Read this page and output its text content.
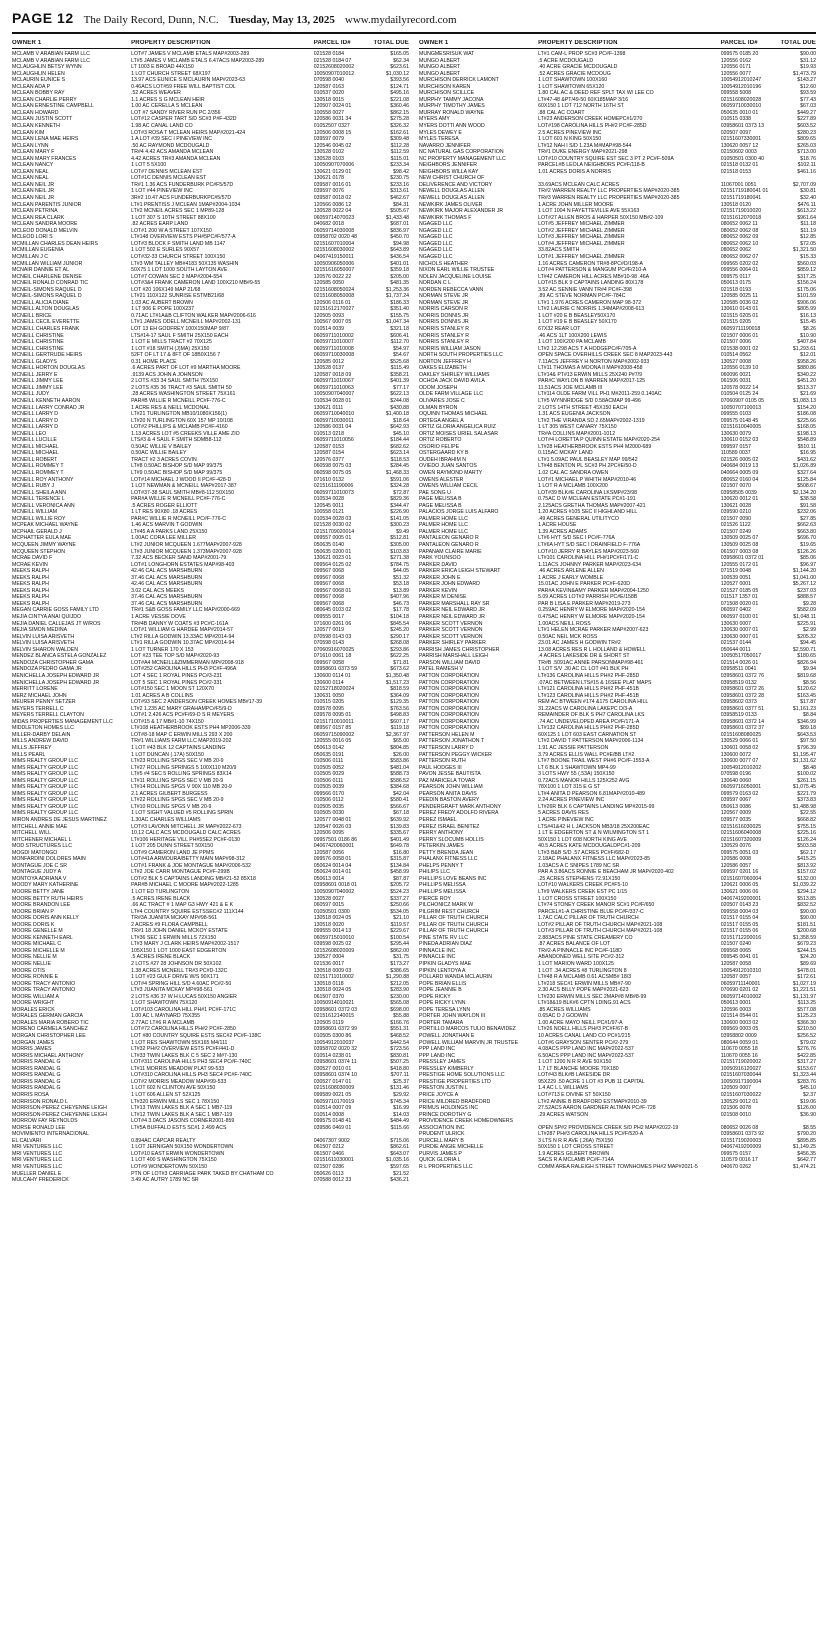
PAGE 12 The Daily Record, Dunn, N.C. Tuesday, May 13, 2025 www.mydailyrecord.com
OWNER 1	PROPERTY DESCRIPTION	PARCEL ID#	TOTAL DUE
MCLAMB V ARABIAN FARM LLC	LOT#7 JAMES V MCLAMB ETALS MAP#2003-289	021528 0184	$165.05
MCLAMB V ARABIAN FARM LLC	LT#5 JAMES V MCLAMB ETALS 6.47ACS MAP2003-289	021528 0184 07	$62.34
MCLAUGHLIN BETSY WYNN	LT 1003 E BROAD 44X150	02152608020002	$623.61
MCLAUGHLIN HELEN	1 LOT CHURCH STREET 68X197	10050907010012	$1,030.12
MCLAURIN EUNICE S	13.97 ACS EUNICE S MCLAURIN MAP#2023-63	070598 0040	$393.56
MCLEAN ADA P	0.46ACS LOT#59 FREE WILL BAPTIST COL	120587 0163	$124.71
MCLEAN BOBBY RAY	.52 ACRES WEAVER	010537 0020	$495.16
MCLEAN CHARLIE PERRY	1.1 ACRES S G MCLEAN HEIR	130518 0015	$221.08
MCLEAN ERNESTINE CAMPBELL	1.00 AC CERELLA S MCLEAN	120507 0024 01	$360.46
MCLEAN HOWARD	LOT #7 SANDY RIVER RUN PC 2/356	100558 0027	$862.15
MCLEAN JUSTIN SCOTT	LOT#12 CASPER TART S/D SC#3 P#F-432D	120586 0031 34	$275.28
MCLEAN KENNETH	1.98 AC CANAL LAND CO	01052507 0327	$326.32
MCLEAN KIM	LOT#3 ROSA T MCLEAN HEIRS MAP#2021-424	120506 0008 15	$162.61
MCLEAN LENA MAE HEIRS	1 A LOT #39 SEC I PINEVIEW INC	039597 0079	$309.48
MCLEAN LYNN	.50 AC RAYMOND MCDOUGALD	120546 0045 02	$112.28
MCLEAN MARY F	TR#4 4.42 ACS AMANDA MCLEAN	130528 0102	$112.59
MCLEAN MARY FRANCES	4.42 ACRES TR#3 AMANDA MCLEAN	130528 0103	$115.01
MCLEAN NANCY	1 LOT 5 5X100	10050907070006	$233.34
MCLEAN NEAL	LOT#7 DENNIS MCLEAN EST	130621 0129 01	$98.42
MCLEAN NEAL	LOT#1C DENNIS MCLEAN EST	130621 0178	$230.75
MCLEAN NEIL JR	TR#1 1.36 ACS FUNDERBURK PC#F5/57D	039587 0016 01	$233.16
MCLEAN NEIL JR	1 LOT #44 PINEVIEW INC	039597 0076	$313.61
MCLEAN NEIL JR	3R#2 10.47 ACS FUNDERBURKPC#5/57D	039587 0018 02	$462.67
MCLEAN PARENTIS JUNIOR	LT#1 PRENTISS J MCLEAN 1MAP#2004-1034	120566 0086 12	$84.31
MCLEAN PETRINA	LT#2 MCNEIL ACRES SEC 1 MP89-128	130528 0022 04	$505.67
MCLEAN REA CLARK	1 LOT 307 S 10TH STREET 88X100	06059714070023	$1,433.48
MCLEAN SANDRA MOORE	.82 ACRES EARP LAND	040682 0018	$687.01
MCLEOD DONALD MELVIN	LOT#1 200 W A STREET 107X150	06059714030008	$836.97
MCLEOD LORI S	LT#148 OVERVIEW ESTS PH#5PC#F/577-A	03958702 0020 48	$450.70
MCMILLAN CHARLES DEAN HEIRS	LOT#3 BLOCK F SMITH LAND MB 1147	02151607010004	$94.98
MCMILLAN EUGENIA	1 LOT 502 E SURLES 90X57	02151608030002	$643.89
MCMILLAN J C	LOT#32-33 CHURCH STREET 100X150	04067419150011	$436.54
MCMILLAN WILLIAM JUNIOR	LT#3 WM TALLEY MB#4183 50X135 WASHIN	10050906050006	$401.01
MCNAIR DANNIE ET AL	50X75 1 LOT 1000 SOUTH LAYTON AVE	02151616050007	$359.18
MCNEIL CHARLENE DENISE	LOT#7 COWAN SEC 2 MAP#2004-554	120576 0022 22	$205.00
MCNEIL RONALD CONRAD TIC	LOT#3&4 FRANK CAMERON LAND 100X210 MB#9-55	120585 0050	$481.35
MCNEIL-SIMONS RAQUEL D	LOT #20 106X149 MAP 21/68	02151608050024	$1,253.36
MCNEIL-SIMONS RAQUEL D	LT#21 110X122 SUNRISE ESTMB21/68	02151608050008	$1,737.24
MCNEILL ALICIA DIANE	1.03 AC AUBERT BROWN	120506 0116 01	$186.33
MCNEILL ALTON DOUGLAS	1 LT 906 E POPE 100X237	02151612170027	$351.40
MCNEILL BRICE	0.71AC LT#1A&B CLIFTON WALKER MAP#2006-616	120505 0093	$155.75
MCNEILL CECIL EVERETTE	LT#1 JAMES ODELL MCNEILL MAP#2002-131	100567 0007 05	$1,047.34
MCNEILL CHARLES FRANK	LOT 13 EH GODFREY 100X150MAP 9/87	010514 0039	$321.18
MCNEILL CHRISTINE	LTS#14-17 SAUL F SMITH 25X150 EACH	06059711010002	$606.41
MCNEILL CHRISTINE	1 LOT E MILLS TRACT #2 70X125	06059711010007	$112.70
MCNEILL CHRISTINE	1 LOT #18 SMITH (J)MA) 25X150	06059711010008	$54.97
MCNEILL GERTRUDE HEIRS	52FT OF LT 17 & 8FT OF 18B0X156 7	06059710030008	$54.67
MCNEILL GLADYS	0.31 HOME PLACE	120585 0012	$525.68
MCNEILL HORTON DOUGLAS	.6 ACRES PART OF LOT #9 MARTHA MOORE	130528 0137	$115.49
MCNEILL JERRY E	.9139 ACS JOHN A JOHNSON	120587 0018 09	$358.21
MCNEILL JIMMY LEE	2 LOTS #33 34 SAUL SMITH 75X150	06059711010067	$401.39
MCNEILL JIMMY LEE	2 LOTS #35 36 TRACT #3 SAUL SMITH 50	06059711010063	$77.17
MCNEILL JUDY	.28 ACRES WASHINGTON STREET 75X161	10050907040007	$622.13
MCNEILL KENNETH AARON	PAR#B WILLIE R MCNEILL PC#F-776-C	010534 0028 01	$244.08
MCNEILL LARRY CONRAD JR	1 ACRE RES & NEILL MCDONAL	130621 0111	$430.88
MCNEILL LARRY D	LT#21 TURLINGTON MB10/1080X156(1)	06059710040010	$1,400.18
MCNEILL LARRY D	LT#20 N TURLINGTON 60X 157 MP 10/108	06059710030011	$18.64
MCNEILL LARRY D	LOT#2 PHILLIPS & MCLAMB PC#F-4160	120586 0031 04	$642.93
MCNEILL LEO	1.13 ACRES LOT #5 CREEKS VILLE AME ZIO	010513 0218	$45.10
MCNEILL LUCILLE	LTS#3 & 4 SAUL F SMITH SDMB8-112	06059711010056	$184.44
MCNEILL MICHAEL	0.50AC WILLIE V BAILEY	120587 0153	$682.62
MCNEILL MICHAEL	0.50AC WILLIE BAILEY	120587 0154	$623.14
MCNEILL ROBERT	TRACT #2 3 ACRES COVIN	120576 0377	$118.53
MCNEILL ROMMEY T	LT#8 0.50AC BISHOP S/D MAP 99/375	060598 0075 03	$284.45
MCNEILL ROMMEY T	LT#9 0.50AC BISHOP S/D MAP 99/375	060598 0075 05	$1,468.33
MCNEILL ROY ANTHONY	LOT#14 MICHAEL J WOOD II PC#F-428-D	071610 0132	$591.06
MCNEILL RUBY J	1 LOT NEWMAN & MCNEILL MAP#2017-387	02151611190006	$324.28
MCNEILL SHEILA ANN	LOT#37-38 SAUL SMITH MB#8-112 50X150	06059711010073	$72.87
MCNEILL TERENCE L	PAR#A WILLIE R MCNEILL PC#F-776-C	010534 0028	$829.36
MCNEILL VERONICA ANN	.5 ACRES ROGER ELLIOTT	120545 0011	$344.47
MCNEILL WILLIAM	1 LT RES 90X80 .18 ACRES	100558 0121	$226.90
MCNEILL WILLIE ROY	PAR#C WILLIE R MCNEILL PC#F-776-C	010534 0028 03	$141.05
MCPEAK MICHAEL WAYNE	1.46 ACS MARVIN T GODWIN	021528 0030 02	$300.23
MCPHAIL GERALD J	LT#45 A A PARKS LAND 25X150	02151709020014	$9.49
MCPHATTER EULA MAE	1.00AC CORA LEE MILLER	099557 0005 01	$512.81
MCQUEEN JIMMY WAYNE	LT#2 JUNIOR MCQUEEN 1.677MAP#2007-928	050635 0140	$305.00
MCQUEEN STEPHON	LT#3 JUNIOR MCQUEEN 1.373MAP#2007-928	050635 0200 01	$103.83
MCRAE DAVID F	7.32 ACS BECKER SAND MAP#2001-79	130621 0023 01	$271.38
MCRAE KEVIN	LOT#1 LONGHORN ESTATES MAP#98-403	099564 0125 02	$784.75
MEEKS RALPH	42.46 CAL ACS MARSHBURN	099567 0068	$44.05
MEEKS RALPH	37.46 CAL ACS MARSHBURN	099567 0068	$51.32
MEEKS RALPH	42.46 CAL ACS MARSHBURN	099567 0068	$53.18
MEEKS RALPH	3.02 CAL ACS MEEKS	099567 0068 01	$13.89
MEEKS RALPH	37.46 CAL ACS MARSHBURN	099567 0068	$407.96
MEEKS RALPH	37.46 CAL ACS MARSHBURN	099567 0068	$46.73
MEGAN CARRIE GOSS FAMILY LTD	TR#1 S&B GOSS FAMILY LLC MAP#2000-669	080645 0103 02	$17.78
MEJIA CINTYA ANAI QUIJDO	1 ACRE VESSIE DOVE	099555 0017	$104.18
MEJIA DANIEL CALLEJAS JT W/ROS	TR#4B DANNY W COATS #3 PC#C-161A	071600 0261 06	$845.54
MEJIA SIMON MEDINA	LOT#1 WILLIAM G HARDEE MAP#2014-57	120577 0019	$245.20
MELVIN LUISA ARISVETH	LT#2 RILLA GODWIN 13.33AC MP#2014-94	070598 0143 03	$290.17
MELVIN LUISA ARISVETH	LT#1 RILLA GODWIN 10.37AC MP#2014-94	070598 0143	$268.08
MELVIN SHARON WALDEN	1 LOT TURNER 170 X 153	07060916070025	$293.86
MENDEZ BLANCA ESTELA GONZALEZ	LOT #23 TEE TOP S/D MAP#2020-93	071610 0061 18	$622.25
MENDOZA CHRISTOPHER GAMA	LOT#A4 MCNEILL&ZIMMERMAN MP#2008-918	099567 0058	$71.81
MENDOZA PEDRO GAMA JR	LOT#252 CAROLINA HILLS PH3 PC#F-496A	03958601 0373 59	$673.62
MENICHELLA JOSEPH EDWARD JR	LOT 4 SEC 1 ROYAL PINES PC#3-231	130600 0114 01	$1,350.48
MENICHELLA JOSEPH EDWARD JR	LOT 5 SEC 1 ROYAL PINES PC#2-331	130600 0114	$1,517.23
MERRITT LORENE	LOT#150 SEC 1 MOON ST 120X70	02152718020024	$818.59
MERZ MICHAEL JOHN	1.01 ACRES A B COLLINS	130631 0050	$364.09
MEURER PENNY SETZER	LOT#93 SEC 2 ANDERSON CREEK HOMES MB#17-39	010515 0205	$129.35
MEYERS TERRELL C	LT#2 1.235 AC MARY GRAHAMPC#F5/9-D	039578 0095	$763.56
MEYERS TERRELL CLAYTON	LOT#1 2.426 ACS PC#F/69-D S R MEYERS	039578 0095 01	$498.83
MIDAS PROPERTIES MANAGEMENT LLC	LOT#15 & 17 MB#1-10 74X150	02151710010011	$607.17
MIDDLETON HOMES LLC	LT#108 HEATHERBROOK ESTS PH4 MP2006-339	089567 0157 85	$119.18
MILLER-DARBY DELAIN	LOT#8-18 MAP C ERWIN MILLS 293 X 200	06059715090002	$2,367.97
MILLS ANDREW DAVID	TR#1 WILLIAMS FARM LLC MAP2019-202	120555 0016 05	$65.00
MILLS JEFFREY	1 LOT #43 BLK 12 CAPTAINS LANDING	050613 0142	$804.85
MILLS PEARL	1 LOT DUNCAN (.17A) 50X150	050635 0191	$26.00
MIMS REALTY GROUP LLC	LT#23 ROLLING SPGS SEC V MB 20-9	010506 0111	$583.86
MIMS REALTY GROUP LLC	LT#27 ROLLING SPRINGS 5 100X110 M20/9	010505 0052	$481.04
MIMS REALTY GROUP LLC	LT#5 #4 SEC 5 ROLLING SPRINGS 83X14	010505 0029	$588.73
MIMS REALTY GROUP LLC	LT#11 ROLLING SPGS SEC V MB 20-9	010506 0111	$586.52
MIMS REALTY GROUP LLC	LT#14 ROLLING SPGS V 90X 110 MB 20-9	010505 0039	$384.68
MIMS REALTY GROUP LLC	2.1 ACRES GILBERT BURGESS	099566 0170	$42.04
MIMS REALTY GROUP LLC	LT#22 ROLLING SPGS SEC V MB 20-9	010506 0112	$580.41
MIMS REALTY GROUP LLC	LT#10 ROLLING SPGS V MB 20-9	010505 0035	$566.67
MIMS REALTY GROUP LLC	1 LOT SIGHT VALUED #5 ROLLING SPRIN	010505 0030	$67.18
MIRON ANDRES DE JESUS MARTINEZ	1.30AC CHARLES WILLIAMS	120577 0048 01	$639.92
MITCHELL ANNIE MAE	LOT#3 LAVONN MITCHELL JR MAP#2022-673	120547 0026 03	$139.83
MITCHELL WILL	10.12 CALC ACS MCDOUGALD CALC ACRES	120506 0095	$335.67
MITCHENER MICHAEL L	LT#106 HERITAGE VILL PH#5SE2 PC#F-0130	09957501 0186 86	$401.49
MOD STRUCTURES LLC	1 LOT 205 DUNN STREET 50X150	04067420060001	$649.78
MOGDI MATONGO	LOT#9 CAMERON LAND JE PPMS	120587 0056	$16.80
MONFARDINI DOLORES MAIN	LOT#41A ARMOURA/BETTY MAIN MAP#98-312	099576 0058 01	$315.87
MONTAGUE JOE C SR	LOT#1 FRANK & JOE MONTAGUE MAP#2006-532	050624 0014 04	$134.84
MONTAGUE JUDY A	LT#2 JOE CARR MONTAGUE PC#F-299B	050624 0014 01	$458.99
MONTOYA ADRIANA V	LOT#2 BLK 5 CAPTAINS LANDING MB#21-52 85X18	050613 0014	$87.87
MOODY MARY KATHERINE	PAR#B MICHAEL C MOORE MAP#2022-1285	03958601 0018 01	$205.72
MOORE BETTY JANE	1 LOT ED TURLINGTON	10050907040002	$524.23
MOORE BETTY RUTH HEIRS	.5 ACRES IRENE BLACK	130528 0027	$337.27
MOORE BRANDON LEE	.66 AC TRACT # 1 MAP G3 HWY 421 & E K	060597 0015	$250.66
MOORE BRIAN P	LT#4 COUNTRY SQUIRE ESTSSEC#2 111X144	01050501 0300	$534.05
MOORE DORIS ANN KELLY	TR#3A JUANITA MCKAY MP#98-561	130518 0024 05	$21.10
MOORE DORIS K	2 ACRES #9 FLORA CAMPBELL	130518 0020	$119.57
MOORE GENELLE M	TR#1 18 JOHN DANIEL MCKOY ESTATE	099555 0014 13	$229.67
MOORE KENNETH EARL	LT#36 SEC 1 ERWIN MILLS 72X150	06059715010010	$100.54
MOORE MICHAEL C	LT#3 MARY J CLARK HEIRS MAP#2002-1517	039598 0025 02	$295.44
MOORE MICHELLE M	105X150 1 LOT 1000 EAST EDGERTON	02152608020009	$862.00
MOORE NELLIE M	.5 ACRES IRENE BLACK	130527 0004	$31.75
MOORE NELLIE	2 LOTS #27 28 JOHNSON DR 50X102	021536 0017	$173.27
MOORE OTIS	1.38 ACRES MCNEILL TR#3 PC#D-132C	130518 0009 03	$386.65
MOORE RONNIE E	1 LOT #23 GULF DRIVE W/S 90X171	02151711010002	$1,290.88
MOORE TRACY ANTONIO	LOT#4 SPRING HILL S/D 4.60AC PC#2-50	130518 0118	$212.05
MOORE TRACY ANTONIO	LT#3 JUANITA MCKAY MP#98-561	130518 0024 05	$283.90
MOORE WILLIAM A	2 LOTS #36 37 W H LUCAS 50X150 ANGIER	061507 0370	$230.00
MOORE WRIGHT	1 LOT SHAWTOWN 75X120	10050914010021	$565.08
MORALES ERICK	LOT#103 CAROLINA HILL PH#1 PC#F-171C	03958601 0372 03	$698.00
MORALES GERMAN GARCIA	1.00 AC L MAYNARD 75X355	02151612140015	$55.88
MORALES MARIA ROBERO TIC	2.77AC LT#6 R A MCLAMB	120505 0119	$166.76
MORENO CARMELA SANCHEZ	LOT#72 CAROLINA HILLS PH#2 PC#F-2850	03958601 0372 99	$551.31
MORGAN CHRISTOPHER LEE	LOT #80 COUNTRY SQUIRE ESTS SEC#2 PC#F-138C	010505 0300 86	$468.52
MORGAN JAMES	1 LOT RES SHAWTOWN 55X165 M4/111	10054912010037	$442.54
MORRIS JAMES	LT#32 PH#2 OVERVIEW ESTS PC#F/441-D	03958702 0020 32	$723.56
MORRIS MICHAEL ANTHONY	LT#33 TWIN LAKES BLK C 5 SEC 2 M#7-130	010514 0238 01	$830.81
MORRIS RANDAL G	LOT#311 CAROLINA HILLS PH3 SEC4 PC#F-740C	03958601 0374 11	$507.25
MORRIS RANDAL G	LT#11 MORRIS MEADOW PLAT 99-533	030527 0010 01	$418.80
MORRIS RANDAL G	LOT#310 CAROLINA HILLS PH3 SEC4 PC#F-740C	03958601 0374 10	$707.11
MORRIS RANDAL G	LOT#2 MORRIS MEADOW MAP#99-533	030527 0147 01	$25.37
MORRIS RANDAL G	1 LOT 602 N CLINTON AVE 50X150	02151608030009	$131.46
MORRIS ROSA	1 LOT 606 ALLEN ST 52X125	099589 0021 05	$29.92
MORRISON RONALD L	LT#320 ERWIN MILLS SEC 1 78X150	06059710170019	$745.34
MORRISON-PEREZ CHEYENNE LEIGH	LT#13 TWIN LAKES BLK A SEC 1 MB7-119	010514 0007 09	$16.99
MORRISON-PEREZ CHEYENNE LEIGH	LT#12 TWIN LAKES BLK A SEC 1 MB7-119	010514 0008	$14.03
MORROW FAY REYNOLDS	LOT#4 3.0ACS JASONS CORNER2001-859	099575 0148 41	$484.49
MORSE RONALD LEE	LT#5A BUFFALO ESTS SC#1 2.499 ACS	039586 0469 01	$115.66
MOVIMIENTO INTERNACIONAL
EL CALVARI	0.894AC CAPCAR REALTY	04067307 9002	$715.06
MRI VENTURES LLC	1 LOT JERNIGAN 50X150 WONDERTOWN	061507 0212	$862.61
MRI VENTURES LLC	LOT#10 EAST ERWIN WONDERTOWN	061507 0466	$643.07
MRI VENTURES LLC	1 LOT 400 S WASHINGTON 75X150	02151611030001	$1,035.16
MRI VENTURES LLC	LOT#9 WONDERTOWN 50X150	021507 0286	$597.65
MUELLER DANIEL E	PTN OF LOT#3 CARRIAGE PARK TAKED BY CHATHAM CO	050626 0113	$21.52
MULCAHY FREDERICK	3.49 AC AUTRY 1789 NC SR	070588 0012 33	$436.21
OWNER 1	PROPERTY DESCRIPTION	PARCEL ID#	TOTAL DUE
MUNGMESRISUK WAT	LT#1 CAM-L PROP SC#3 PC#F-1398	099575 0185 20	$90.00
MUNGO ALBERT	.5 ACRE MCDOUGALD	120556 0162	$31.12
MUNGO ALBERT	.40 ACRE GRACIE MCDOUGALD	120556 0171	$19.93
MUNGO ALBERT	.52 ACRES GRACIE MCDOUG	120556 0077	$1,473.79
MURCHISON DERRICK LAMONT	1 LOT SHAWTOWN 100X160	10054912010247	$143.27
MURCHISON KAREN	1 LOT SHAWTOWN 65X120	10054912010196	$12.60
MURCHISON SCILLCE	1.80 CAL AC & DEED REF SPLT TAX W/ LEE CO	099558 5008	$93.59
MURPHY TAMMY JACONA	LT#47-48 &PT/49-50 60X185MAP 3/16	02151608020028	$77.43
MURPHY TIMOTHY JAMES	60X150 1 LOT 712 NORTH 16TH ST	06059710030010	$67.03
MURRAY RONALD WAYNE	.88 CAL AC COART	050635 0010 01	$449.27
MYERS AMY	LT#23 ANDERSON CREEK HOMEPC#1/270	010515 0338	$227.89
MYERS DOTTI ANN WOOD	LOT#198 CAROLINA HILLS PH#2 PC#F-285D	03958601 0373 13	$603.52
MYLES DEWEY E	2.5 ACRES PINEVIEW INC	020507 0097	$280.23
MYLES TERESA	1 LOT 601 N KING 50X150	02151607330001	$809.65
NAVARRO JENNIFER	LT#12 NAH I S/D 1.23A M#MAP#98-544	130620 0057 12	$265.03
NC NATURAL GAS CORPORATION	TR#1 DUKE ENERGY MAP#2021-298	02150602 0003	$713.00
NC PROPERTY MANAGEMENT LLC	LOT#10 COUNTRY SQUIRE EST SEC 3 PT 2 PC#F-509A	01050501 0300 40	$18.76
NEIGHBORS JENNIFER	PARCEL#B LEOLA NEIGHBORS PC#F/118-B	021518 0132 01	$102.11
NEIGHBORS WILLA KAY	1.01 ACRES DORIS A NORRIS	021518 0153	$461.16
NEW CHRIST CHURCH OF
DELIVERENCE AND VICTORY	33.69ACS MCLEAN CALC ACRES	11067001 0051	$2,707.09
NEWELL DOUGLAS ALLEN	TR#2 WARREN REALTY LLC PROPERTIES MAP#2020-385	02151719180041 01	$30.81
NEWELL DOUGLAS ALLEN	TR#3 WARREN REALTY LLC PROPERTIES MAP#2020-385	02151719180041	$32.40
NEWKIRK JAMES OLIVER	1 ACRE JOHN MILLER MOORE	130518 0120	$476.11
NEWKIRK MAJOR ALEXANDER JR	1 LOT 1004 N FAYETTEVILLE AVE 55X163	02151719010020	$613.22
NEWKIRK THOMAS F	LOT#27 ALLEN BROS & HARPER 50X150 MB#2-109	02151612070018	$961.64
NGAGED LLC	LOT#5 JEFFREY MICHAEL ZIMMER	080652 0062 11	$11.18
NGAGED LLC	LOT#2 JEFFREY MICHAEL ZIMMER	080652 0062 08	$11.19
NGAGED LLC	LOT#3 JEFFREY MICHAEL ZIMMER	080652 0062 09	$12.85
NGAGED LLC	LOT#4 JEFFREY MICHAEL ZIMMER	080652 0062 10	$72.05
NGAGED LLC	33.82ACS SMITH	080652 0062	$1,321.50
NGAGED LLC	LOT#1 JEFFREY MICHAEL ZIMMER	080652 0062 07	$15.33
NICHOLS HEATHER	1.16 ACRES CAMERON TR#8-8PC#D/198-A	099565 0202 02	$560.03
NIXON EARL WILLIE TRUSTEE	LOT#4 PATTERSON & MANGUM PC#F/210-A	099556 0064 01	$859.12
NOLEN JACQUELINE LOUISE	LT#42 CAMERON HILL ACRES MB#10-98 .46A	099575 0117	$317.25
NORDAN C L	LOT#15 BLK 9 CAPTAINS LANDING 80X178	050613 0175	$156.24
NORDEN REBECCA VANN	3.52 AC SENNIE VANN TR#4 PC#F-398	021518 0193	$175.06
NORMAN STEVE JR	.89 AC STEVE NORMAN PC#F-784C	120585 0025 11	$101.59
NORMAN STEVE JR	LT#1 1.976 ACRES CAMERON MAP 98-372	120585 0036 02	$906.06
NORRIS CARSON R	LT#2 LAURIE C NORRIS 1.34MAP#2008-613	130610 0143 01	$805.99
NORRIS DONNIS JR	1 LOT #20 E B BEASLEY50X170	021515 0205 01	$16.13
NORRIS DONNIS JR	1 LOT #19 E B BEASLEY 50X170	021515 0205	$15.45
NORRIS STANLEY R	67X32 REAR LOT	06059711190018	$8.26
NORRIS STANLEY R	.46 ACS 1LT 100X200 LEWIS	021507 0006 01	$10.90
NORRIS STANLEY R	1 LOT 100X200 PA MCLAMB	021507 0006	$407.84
NORRIS WILLIAM JASON	LT#2 12.298 ACS T A HODGEPC#F/705-A	021538 0001 02	$1,293.61
NORTH SOUTH PROPERTIES LLC	OPEN SPACE OVERHILLS CREEK SEC 8 MAP2023-443	010514 0562	$12.01
NORTON JEFFREY H	7.11ACS JEFFREY H NORTON MAP#2002-933	130527 0008	$958.26
OAKES ELIZABETH	LT#11 THOMAS A MOONA II MAP#2008-458	120556 0139 10	$880.86
OAKLEY SHIRLEY WILLIAMS	LT#14& PT#13 ERWIN MILLS 25X240 P#7/9	060096 0021	$340.22
OCHOA JACK DAVID AVILA	PAR#C WAYLON B WARREN MAP#2017-125	061506 0031	$451.20
ODOM JOSEPH	11.51ACS JOE MCLAMB III	120578 0022 14	$513.37
OLDE FARM VILLAGE LLC	LT#114 OLDE FARM VILL PH1 M#2011-259 0.140AC	010504 0125 24	$21.69
OLIVARES JOSE C	LT#5 WYNNRIDGE S/D 0.58ACMAP 99-496	07060907 0105 05	$1,083.13
OLMAN BYRON	2 LOTS 14TH STREET 45X150 EACH	10050707100013	$154.20
OQUINN THOMAS MICHAEL	1.31 ACS EUGENIA JACKSON	099555 0103	$186.08
ORTEGA ANGEL A	LT#2 THE VIRANDA SD 2.65MAP#2002-1319	099575 0148 45	$225.66
ORTIZ GLORIA ANGELICA RUIZ	1 LT 305 WEST CANARY 75X150	02151610040005	$168.05
ORTIZ MOISES URIEL SALASAR	TR#A COLLINS MAP#2001-1012	130630 0079	$198.13
ORTIZ ROBERTO	LOT#4 LORETTA P QUINN ESTATE MAP#2020-254	130610 0152 03	$548.89
OSORIO FELIPE	LT#28 HEATHERBROOK ESTS PH4 M2000-689	099597 0157	$510.11
OSTERGAARD KY B	0.115AC MCKAY LAND	110589 0037	$16.95
OUDEH IBRAHIM N	LT#1 5.09AC PAUL BEASLEY MAP 99/542	021526 0005 02	$431.62
OVIEDO JUAN SANTOS	LT#48 BENTON PL SC#3 PH 2PC#E/50-D	040684 0019 13	$1,026.89
OWEN RAYMOND MARTY	1.02 CAL AC SANDRA OWEN	040664 0005 09	$327.64
OWENS ALESTER	LOT#1 MICHAEL P WHITH MAP#2010-46	080652 0160 04	$125.84
OWENS WILLIAM CECIL	1 LOT R A MCLAMB 100X200	021507 0070	$508.67
PAE SONG U	LOT#39 BLK#E CAROLINA LKSMP#23/98	03958505 0039	$2,134.20
PAGE MELISSA B	0.75AC D W MCLEAN ESTATE PC#1-191	130620 0012 01	$38.58
PAGE MELISSA B	2.125ACS GRETHA THOMAS MAP#2007-421	130621 0028	$91.58
PALACIOS JORGE LUIS ALFARO	1.20 ACRES #105 SEC II HIGHLAND HILL	039590 0210	$232.06
PALMER HOME LLC	.49 ACRES GENERAL UTILITYCO	021507 0090	$27.85
PALMER HOME LLC	1 ACRE HOUSE	021526 1122	$662.63
PALMER HOME LLC	1.39 ACRES ADAMS	021507 0249	$663.80
PANTALEON GENARO R	LT#6 HYT S/D SEC I PC#F-776A	130509 0025 07	$696.70
PANTALEON GENARO R	LT#6A HYT S/D SEC I DRAINFIELD F-776A	130509 0025 08	$19.65
PAPANAM CLAIRE MARIE	LOT#10 JERRY R BAYLES MAP#2023-560	061507 0003 08	$126.26
PARK YOUNSOO	LT#101 CAROLINA HILL PH#1PC#F/171-C	03958601 0372 01	$85.06
PARKER DAVID	1.11ACS JOHNNY PARKER MAP#2023-634	120555 0172 01	$96.97
PARKER ERICA LEIGH STEWART	.46 ACRES ARLENE ALLEN	071519 0048	$1,144.20
PARKER JOHN E	1 ACRE J EARLY WOMBLE	100539 0051	$1,041.00
PARKER JOHN EDWARD	15.01AC JOHN E PARKER PC#F-620D	120527 0001	$5,267.12
PARKER KEVIN	PAR#A KEVIN&AMY PARKER MAP#2004-1250	021527 0185 05	$237.03
PARKER M DENISE	5.09 ACRES LOT#2 PARRISH PC#E/158B	011517 1357 01	$888.57
PARKER MARSHALL RAY SR	PAR B LISA E PARKER MAP#2019-273	071508 0020 01	$9.28
PARKER NEIL EDWARD JR	0.259AC HENRY W ELMORE MAP#2020-154	060597 0402	$582.09
PARKER NEIL EDWARD JR	0.475AC HENRY W ELMORE MAP#2020-154	060597 0100 01	$1,048.11
PARKER SCOTT VERNON	1.00ACS NEILL ROSS	130630 0007	$225.91
PARKER SCOTT VERNON	LT#1 HELEN MCRAE PARKER MAP#2007-623	130630 0007 01	$2.99
PARKER SCOTT VERNON	0.50AC NEIL MCK ROSS	130630 0007 01	$205.32
PARKER SHIRLEY PARKER	23.01 AC JAMES H GODWIN TR#2	021537 0144	$94.45
PARRISH JAMES CHRISTOPHER	13.08 ACRES RES R L HOLLAND & HOWELL	050644 0011	$2,590.71
PARRISH MARSHALL LEIGH	.4 ACRES LAKESIDE DR & SHORT ST	10050517050017	$180.65
PARSON WILLIAM DAVID	TR#B .5091AC ANNIE PARSONMAP#98-461	021514 0026 01	$826.94
PATEL RAMESH V	1 LOT S/V .30 AC CL LOT #41 BLK PH	03958511 0041	$9.94
PATTON CORPORATION	LT#136 CAROLINA HILLS PH#2 PHF-285D	03958601 0372 76	$819.68
PATTON CORPORATION	.07AC BETWEEN LTS#15 & 16SEE PLAT MAPS	03958519 0132	$8.56
PATTON CORPORATION	LT#121 CAROLINA HILLS PH#2 PHF-451B	03958601 0372 26	$120.62
PATTON CORPORATION	LT#123 CAROLINA HILLS PH#2 PHF-451B	03958601 0372 28	$163.45
PATTON CORPORATION	REM AC BTWEEN #174 &175 CAROLINA HILL	03958602 0373	$17.87
PATTON CORPORATION	31.22ACS W CAROLINA LAKEPC D/3-A	03958601 0377 51	$1,161.23
PATTON CORPORATION	REMAINDER OF BLK S PH7 CAROLINA LKS	03958519 0133	$8.84
PATTON CORPORATION	.74 AC UNDEVELOPED AREA PC#F/171-A	03958601 0372 14	$346.99
PATTON CORPORATION	LT#132 CAROLINA HILLS PH#2 PHF-285D	03958601 0372 37	$89.18
PATTERSON HELEN M	60X125 1 LOT 603 EAST CARNATION ST	02151608080025	$643.53
PATTERSON JONATHON T	LT#2 DAVID T PATTERSON MAP#2006-1134	130529 0066 01	$97.50
PATTERSON LARRY D	1.91 AC JESSIE PATTERSON	130601 0058 02	$796.39
PATTERSON PEGGY WICKER	3.79 ACRES ELLIS WALL PC#E/BB LT#2	130600 0072	$1,195.47
PATTERSON RUTH	LT#7 BOONE TRAIL WEST PH#6 PC#F-1553-A	130600 0077 07	$1,131.62
PAUL HODGES III	LT 6 BLK 1 SHAWTOWN MP4-99	10054912010202	$8.48
PAVON JESSE BAUTISTA	3 LOTS HWY 55 (.53A) 150X150	070598 0196	$100.02
PAZ MARICELA TOVAR	0.72ACS MANOR HILLS 125X252 AVG	130640 0060	$261.15
PEARSON JOHN WILLIAM	78X100 1 LOT 315 E G ST	06059716050001	$1,075.45
PEARSON ANITA DAVIS	LT#4 ANITA D PEARSON 6.81MAP#2010-489	099579 0163 02	$221.79
PEEDIN BASTON AVERY	2.24 ACRES PINEVIEW INC	039597 0067	$373.83
PENDERGRAFT MARK ANTHONY	LT#26R BLK 6 CAPTAINS LANDING MP#2015-99	050613 0086	$1,488.98
PEREZ FREDY ADOLFO RIVERA	5 ACRES DAVIS RES	120567 0009	$22.55
PEREZ ISMAEL	1 ACRE PINEVIEW INC	039577 0035	$668.82
PEREZ ISRAEL BENITEZ	LTS#41&42 H L JACKSON MB3/18 25X200EAC	02151616030025	$755.15
PERRY ANTHONY	1 LT E EDGERTON ST & N WILMINGTON ST 1	02151606040008	$225.16
PERRY SLOCUMB HOLLIS	50X150 1 LOT 608 NORTH KING AVE	02151607320009	$126.24
PETERKIN JAMES	40.5 ACRES KATE MCDOUGALDPC#1-209	130529 0076	$503.58
PETTY BRENDA JEAN	LT#3 B&B S/D .57 ACRES PC#F/682-D	099575 0051 03	$62.17
PHALANX FITNESS LLC	2.18AC PHALANX FITNESS LLC MAP#2023-85	120586 0008	$415.25
PHELPS PENNY T	1.03ACS A C SNIPES 1789 NC SR	120586 0057	$813.92
PHILIPS LLC	PAR A 3.86ACS RONNIE E BEACHAM JR MAP#2020-402	099597 0201 16	$157.02
PHILLIPS LOVE BEANS INC	.25 ACRES STEPHENS 72.91X150	02151607060004	$132.00
PHILLIPS MELISSA	LOT#10 WALKERS CREEK PC#F5-10	120621 0006 05	$1,039.22
PHILLIPS MELISSA	LT#9 WALKERS CREEK EST PC 1/15	130621 0006 06	$294.12
PIERCE ROY	1 LOT CROSS STREET 100X150	04067419200001	$513.85
PILCHONICZ MARK W	LT#74 STONEY CREEK MANOR SC#1 PC#F/650	020507 0143 23	$832.52
PILGRIM REST CHURCH	PARCEL#1-A CHRISTINE BLUE PC#F/337-C	099558 0004 03	$90.00
PILLAR OF TRUTH CHURCH	1.7AC CALC PILLAR OF TRUTH CHURCH	021517 0155 04	$90.00
PILLAR OF TRUTH CHURCH	LOT#2 PILLAR OF TRUTH CHURCH MAP#2021-108	021517 0155 05	$181.51
PILLAR OF TRUTH CHURCH	LOT#3 PILLAR OF TRUTH CHURCH MAP#2021-108	021517 0155 06	$200.68
PINE STATE RV LLC	2.883ACS PINE STATE CREAMERY CO	02151712200016	$1,358.59
PINEDA ADRIAN DIAZ	.87 ACRES BALANCE OF LOT	021507 0240	$679.23
PINNACLE INC	TR#2-A PINNACLE INC PC#F-118D	099568 0065	$244.15
PINNACLE INC	ABANDONED WELL SITE PC#2-312	099545 0041 01	$24.20
PIPKIN GLADYS MAE	1 LOT MARION WARD 100X125	120587 0058	$89.69
PIPKIN LENTOYA A	1 LOT .34 ACRES #8 TURLINGTON 8	10054912010310	$478.01
POLLARD WANDA MCLAURIN	LT#48 R A MCLAMB 0.61 ACSMB# 18/3	120587 0057	$172.61
POPE BRIAN ELLIS	LT#218 SEC#1 ERWIN MILLS MB#7-90	06059711140001	$1,027.19
POPE JEANNIE B	2.30 ACS BILLY POPE MAP#2021-623	070690 0201 02	$1,221.51
POPE RICKY	LT#230 ERWIN MILLS SEC 2MAP#8 MB#8-99	06059714010002	$1,131.97
POPE RICKY LYNN	LT#18&19 BLK#6 CPTN LDING.91 ACS	050613 0001	$113.25
POPE TERESA LYNN	.85 ACRES WILLIAMS	120596 0003	$577.08
PORTER JOHN WAYLON III	0.65AC D J GODWIN	021514 0544 01	$125.23
PORTER TAMARA	1.00 ACRE MAYO NEILL PC#1/97-A	130600 0003 02	$366.30
PORTILLO MARCOS TULIO BENAVIDEZ	LT#26 NOELL HILLS PH#3 PC#F/67-B	099569 0003 05	$210.50
POWELL JONATHAN E	10 ACRES CANAL LAND CO PC#1/215	03958802 0009	$256.52
POWELL WILLIAM MARVIN JR TRUSTEE	LOT#6 GRAYSON SENTER PC#2-279	080644 0059 01	$79.02
PPP LAND INC	4.08ACS PPP LAND INC MAP#2022-537	110670 0055 18	$276.76
PPP LAND INC	6.50ACS PPP LAND INC MAP#2022-537	110670 0055 16	$422.85
PRESSLEY JAMES	1 LOT 1200 N R R AVE 50X150	02151719020002	$317.27
PRESSLEY KIMBERLY	1.7 LT BLANCHE MOORE 70X180	10050916120027	$153.67
PRESTIGE HOME SOLUTIONS LLC	LOT#43 BLK#B LAKESIDE DR	02151607030044	$1,323.44
PRESTIGE PROPERTIES LTD	95X229 .50 ACRE 1 LOT #3 PUB 11 CAPITAL	10050917190004	$283.76
PRESTON JUSTIN L	1.4 AC L L WILLIAMS	120509 0007	$45.10
PRICE JOYCE A	LOT#713 E DIVINE ST 50X150	02151607030022	$2.37
PRICE MILDRED BRADFORD	LT#2 ANNIE B BRADFORD ESTMAP#2010-39	130529 0012 01	$19.06
PRIMUS HOLDINGS INC	27.52ACS AARON GARDNER ALTMAN PC#F-728	021506 0078	$126.00
PRINCE DOROTHY G	.29 ACRES WATSON	021508 0010	$36.90
PROVIDENCE CREEK HOMEOWNERS
ASSOCIATION INC	OPEN SP#2 PROVIDENCE CREEK S/D PH2 MAP#2022-19	080652 0026 08	$8.55
PRUDENT ULRICK	LT#287 PH#3 CAROLINA HILLS PC#F/520-A	03958601 0373 92	$790.20
PURCELL MARY B	3 LTS N R R AVE (.26A) 75X150	02151719020003	$895.85
PURDIE ANGIE MICHELLE	50X150 1 LOT CROSS STREET	04067419200009	$1,149.25
PURVIS JAMES P	1.9 ACRES GILBERT BROWN	099575 0157	$456.35
QUICK GLORIA L	SACS R A MCLAMB PC#F-714A	110579 0016 17	$642.77
R L PROPERTIES LLC	COMM AREA RALEIGH STREET TOWNHOMES PH#2 MAP#2021-5	040670 0262	$1,474.21
